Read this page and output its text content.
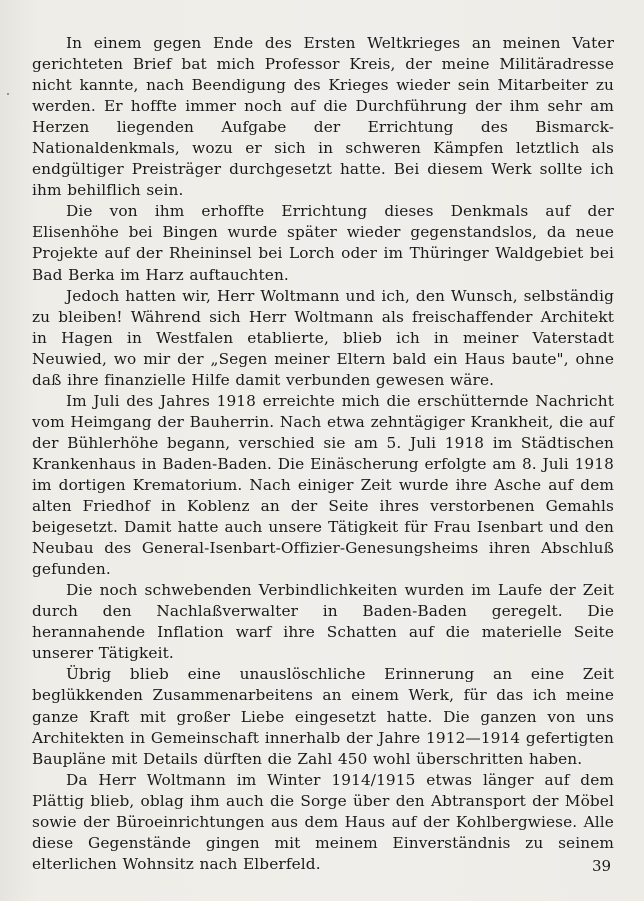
In einem gegen Ende des Ersten Weltkrieges an meinen Vater gerichteten Brief bat mich Professor Kreis, der meine Militäradresse nicht kannte, nach Beendigung des Krieges wieder sein Mitarbeiter zu werden. Er hoffte immer noch auf die Durchführung der ihm sehr am Herzen liegenden Aufgabe der Errichtung des Bismarck-Nationaldenkmals, wozu er sich in schweren Kämpfen letztlich als endgültiger Preisträger durchgesetzt hatte. Bei diesem Werk sollte ich ihm behilflich sein.

Die von ihm erhoffte Errichtung dieses Denkmals auf der Elisenhöhe bei Bingen wurde später wieder gegenstandslos, da neue Projekte auf der Rheininsel bei Lorch oder im Thüringer Waldgebiet bei Bad Berka im Harz auftauchten.

Jedoch hatten wir, Herr Woltmann und ich, den Wunsch, selbständig zu bleiben! Während sich Herr Woltmann als freischaffender Architekt in Hagen in Westfalen etablierte, blieb ich in meiner Vaterstadt Neuwied, wo mir der „Segen meiner Eltern bald ein Haus baute", ohne daß ihre finanzielle Hilfe damit verbunden gewesen wäre.

Im Juli des Jahres 1918 erreichte mich die erschütternde Nachricht vom Heimgang der Bauherrin. Nach etwa zehntägiger Krankheit, die auf der Bühlerhöhe begann, verschied sie am 5. Juli 1918 im Städtischen Krankenhaus in Baden-Baden. Die Einäscherung erfolgte am 8. Juli 1918 im dortigen Krematorium. Nach einiger Zeit wurde ihre Asche auf dem alten Friedhof in Koblenz an der Seite ihres verstorbenen Gemahls beigesetzt. Damit hatte auch unsere Tätigkeit für Frau Isenbart und den Neubau des General-Isenbart-Offizier-Genesungsheims ihren Abschluß gefunden.

Die noch schwebenden Verbindlichkeiten wurden im Laufe der Zeit durch den Nachlaßverwalter in Baden-Baden geregelt. Die herannahende Inflation warf ihre Schatten auf die materielle Seite unserer Tätigkeit.

Übrig blieb eine unauslöschliche Erinnerung an eine Zeit beglükkenden Zusammenarbeitens an einem Werk, für das ich meine ganze Kraft mit großer Liebe eingesetzt hatte. Die ganzen von uns Architekten in Gemeinschaft innerhalb der Jahre 1912—1914 gefertigten Baupläne mit Details dürften die Zahl 450 wohl überschritten haben.

Da Herr Woltmann im Winter 1914/1915 etwas länger auf dem Plättig blieb, oblag ihm auch die Sorge über den Abtransport der Möbel sowie der Büroeinrichtungen aus dem Haus auf der Kohlbergwiese. Alle diese Gegenstände gingen mit meinem Einverständnis zu seinem elterlichen Wohnsitz nach Elberfeld.	39
